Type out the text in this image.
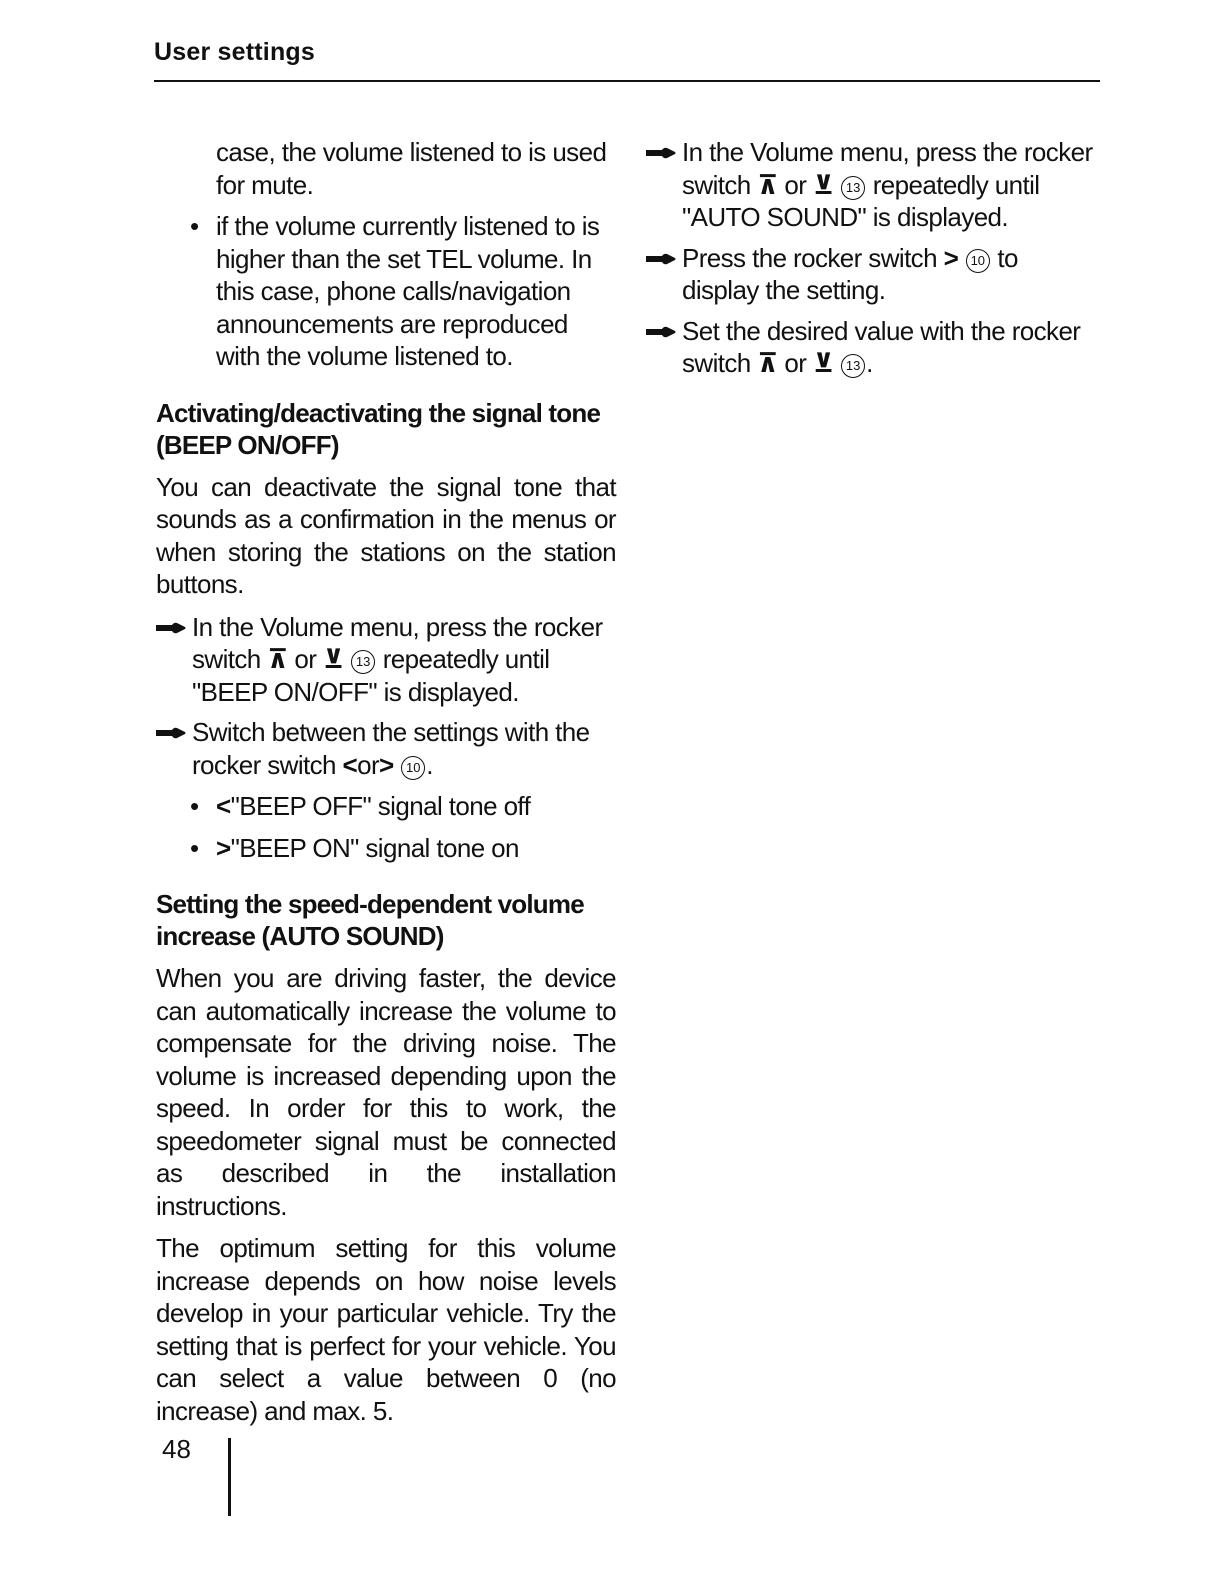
User settings
case, the volume listened to is used for mute.
• if the volume currently listened to is higher than the set TEL volume. In this case, phone calls/navigation announcements are reproduced with the volume listened to.
Activating/deactivating the signal tone (BEEP ON/OFF)

You can deactivate the signal tone that sounds as a confirmation in the menus or when storing the stations on the station buttons.

In the Volume menu, press the rocker switch ⊼ or ⊻ 13 repeatedly until "BEEP ON/OFF" is displayed.
Switch between the settings with the rocker switch <or> 10 .
• <"BEEP OFF" signal tone off
• >"BEEP ON" signal tone on
Setting the speed-dependent volume increase (AUTO SOUND)

When you are driving faster, the device can automatically increase the volume to compensate for the driving noise. The volume is increased depending upon the speed. In order for this to work, the speedometer signal must be connected as described in the installation instructions.

The optimum setting for this volume increase depends on how noise levels develop in your particular vehicle. Try the setting that is perfect for your vehicle. You can select a value between 0 (no increase) and max. 5.

In the Volume menu, press the rocker switch ⊼ or ⊻ 13 repeatedly until "AUTO SOUND" is displayed.
Press the rocker switch > 10 to display the setting.
Set the desired value with the rocker switch ⊼ or ⊻ 13 .
48
